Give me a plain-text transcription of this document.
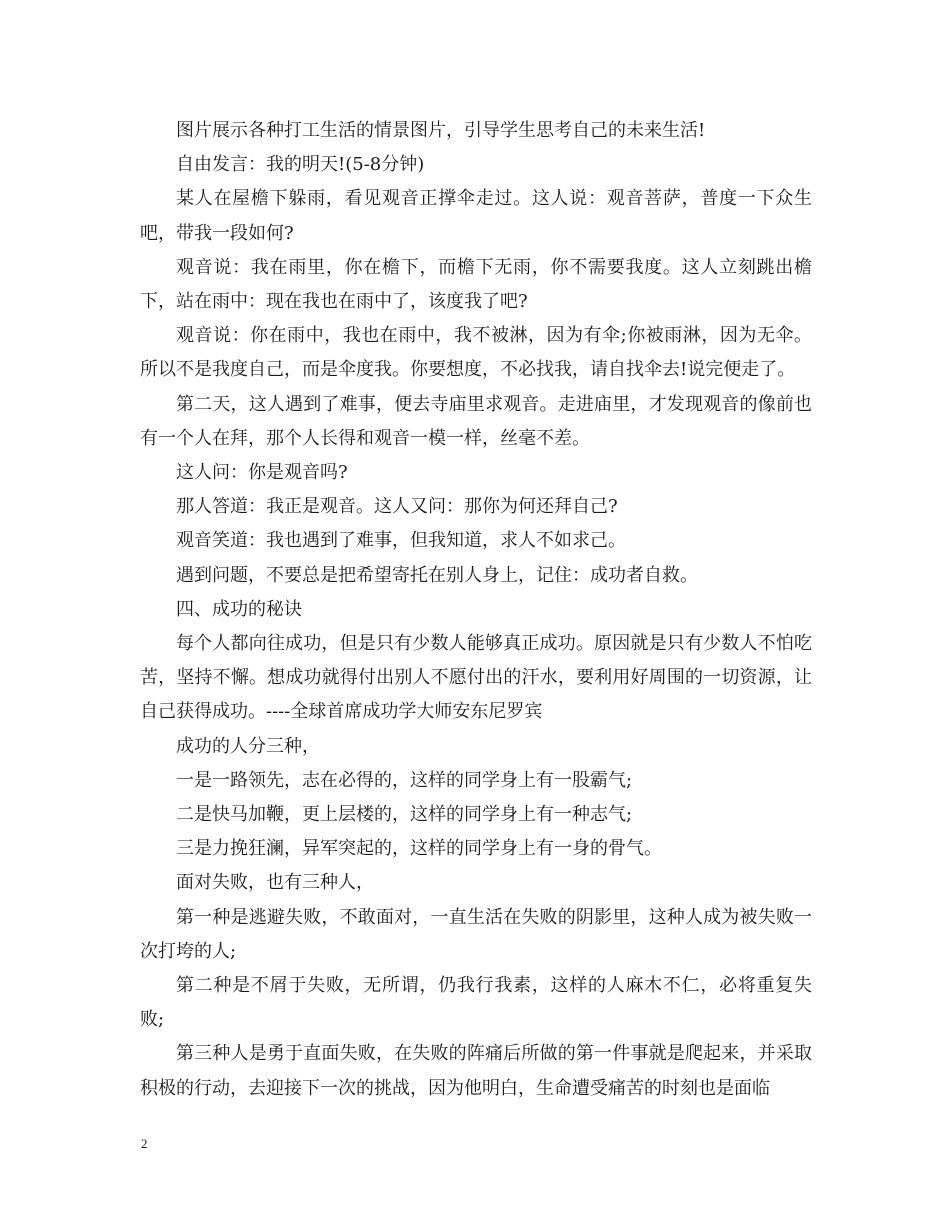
图片展示各种打工生活的情景图片，引导学生思考自己的未来生活!

自由发言：我的明天!(5-8分钟)

某人在屋檐下躲雨，看见观音正撑伞走过。这人说：观音菩萨，普度一下众生吧，带我一段如何?

观音说：我在雨里，你在檐下，而檐下无雨，你不需要我度。这人立刻跳出檐下，站在雨中：现在我也在雨中了，该度我了吧?

观音说：你在雨中，我也在雨中，我不被淋，因为有伞;你被雨淋，因为无伞。所以不是我度自己，而是伞度我。你要想度，不必找我，请自找伞去!说完便走了。

第二天，这人遇到了难事，便去寺庙里求观音。走进庙里，才发现观音的像前也有一个人在拜，那个人长得和观音一模一样，丝毫不差。

这人问：你是观音吗?

那人答道：我正是观音。这人又问：那你为何还拜自己?

观音笑道：我也遇到了难事，但我知道，求人不如求己。

遇到问题，不要总是把希望寄托在别人身上，记住：成功者自救。

四、成功的秘诀

每个人都向往成功，但是只有少数人能够真正成功。原因就是只有少数人不怕吃苦，坚持不懈。想成功就得付出别人不愿付出的汗水，要利用好周围的一切资源，让自己获得成功。----全球首席成功学大师安东尼罗宾

成功的人分三种，

一是一路领先，志在必得的，这样的同学身上有一股霸气;

二是快马加鞭，更上层楼的，这样的同学身上有一种志气;

三是力挽狂澜，异军突起的，这样的同学身上有一身的骨气。

面对失败，也有三种人，

第一种是逃避失败，不敢面对，一直生活在失败的阴影里，这种人成为被失败一次打垮的人;

第二种是不屑于失败，无所谓，仍我行我素，这样的人麻木不仁，必将重复失败;

第三种人是勇于直面失败，在失败的阵痛后所做的第一件事就是爬起来，并采取积极的行动，去迎接下一次的挑战，因为他明白，生命遭受痛苦的时刻也是面临

2
